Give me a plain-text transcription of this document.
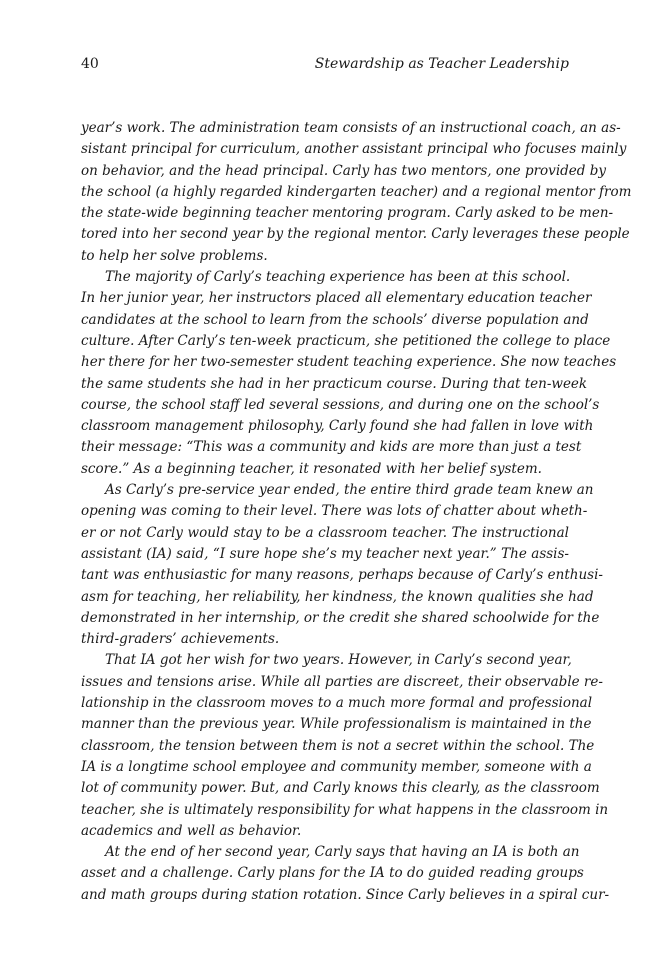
40	Stewardship as Teacher Leadership
year’s work. The administration team consists of an instructional coach, an as-
sistant principal for curriculum, another assistant principal who focuses mainly
on behavior, and the head principal. Carly has two mentors, one provided by
the school (a highly regarded kindergarten teacher) and a regional mentor from
the state-wide beginning teacher mentoring program. Carly asked to be men-
tored into her second year by the regional mentor. Carly leverages these people
to help her solve problems.
The majority of Carly’s teaching experience has been at this school.
In her junior year, her instructors placed all elementary education teacher
candidates at the school to learn from the schools’ diverse population and
culture. After Carly’s ten-week practicum, she petitioned the college to place
her there for her two-semester student teaching experience. She now teaches
the same students she had in her practicum course. During that ten-week
course, the school staff led several sessions, and during one on the school’s
classroom management philosophy, Carly found she had fallen in love with
their message: “This was a community and kids are more than just a test
score.” As a beginning teacher, it resonated with her belief system.
As Carly’s pre-service year ended, the entire third grade team knew an
opening was coming to their level. There was lots of chatter about wheth-
er or not Carly would stay to be a classroom teacher. The instructional
assistant (IA) said, “I sure hope she’s my teacher next year.” The assis-
tant was enthusiastic for many reasons, perhaps because of Carly’s enthusi-
asm for teaching, her reliability, her kindness, the known qualities she had
demonstrated in her internship, or the credit she shared schoolwide for the
third-graders’ achievements.
That IA got her wish for two years. However, in Carly’s second year,
issues and tensions arise. While all parties are discreet, their observable re-
lationship in the classroom moves to a much more formal and professional
manner than the previous year. While professionalism is maintained in the
classroom, the tension between them is not a secret within the school. The
IA is a longtime school employee and community member, someone with a
lot of community power. But, and Carly knows this clearly, as the classroom
teacher, she is ultimately responsibility for what happens in the classroom in
academics and well as behavior.
At the end of her second year, Carly says that having an IA is both an
asset and a challenge. Carly plans for the IA to do guided reading groups
and math groups during station rotation. Since Carly believes in a spiral cur-
